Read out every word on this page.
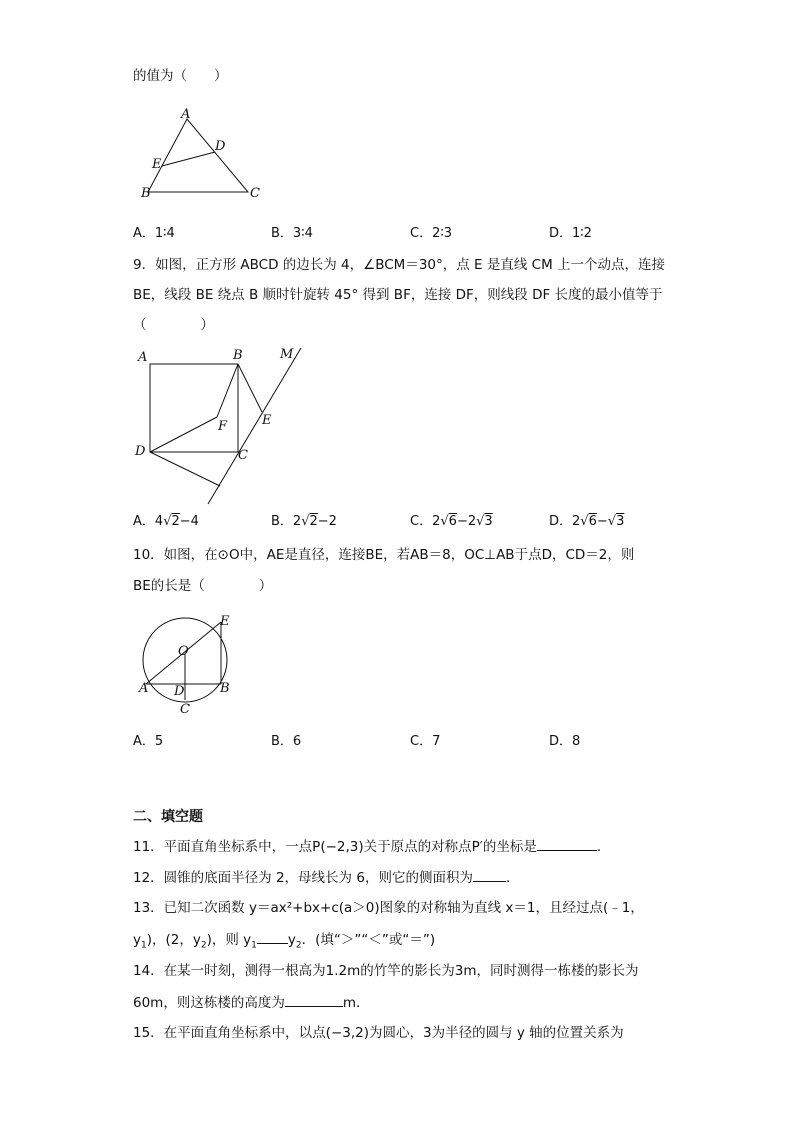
的值为（　　）
A
D
E
B	C
A．1∶4	B．3∶4	C．2∶3	D．1∶2
9．如图，正方形 ABCD 的边长为 4，∠BCM＝30°，点 E 是直线 CM 上一个动点，连接
BE，线段 BE 绕点 B 顺时针旋转 45° 得到 BF，连接 DF，则线段 DF 长度的最小值等于
（　　　　）
A	B	M
F	E
D	C
A．4√2−4	B．2√2−2	C．2√6−2√3	D．2√6−√3
10．如图，在⊙O中，AE是直径，连接BE，若AB＝8，OC⊥AB于点D，CD＝2，则
BE的长是（　　　　）
E
O
A D	B
C
A．5	B．6	C．7	D．8
二、填空题
11．平面直角坐标系中，一点P(−2,3)关于原点的对称点P′的坐标是	．
12．圆锥的底面半径为 2，母线长为 6，则它的侧面积为 ．
13．已知二次函数 y＝ax²+bx+c(a＞0)图象的对称轴为直线 x＝1，且经过点(﹣1，
$y_1$)，(2，$y_2$)，则 $y_1$ $y_2$．(填“＞”“＜”或“＝”)
14．在某一时刻，测得一根高为1.2m的竹竿的影长为3m，同时测得一栋楼的影长为
60m，则这栋楼的高度为	m．
15．在平面直角坐标系中，以点(−3,2)为圆心，3为半径的圆与 y 轴的位置关系为
